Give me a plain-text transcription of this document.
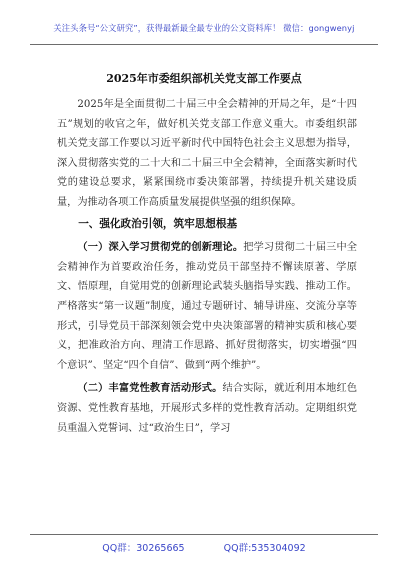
关注头条号“公文研究”，获得最新最全最专业的公文资料库！ 微信：gongwenyj
2025年市委组织部机关党支部工作要点

2025年是全面贯彻二十届三中全会精神的开局之年，是“十四五”规划的收官之年，做好机关党支部工作意义重大。市委组织部机关党支部工作要以习近平新时代中国特色社会主义思想为指导，深入贯彻落实党的二十大和二十届三中全会精神，全面落实新时代党的建设总要求，紧紧围绕市委决策部署，持续提升机关建设质量，为推动各项工作高质量发展提供坚强的组织保障。

一、强化政治引领，筑牢思想根基

（一）深入学习贯彻党的创新理论。把学习贯彻二十届三中全会精神作为首要政治任务，推动党员干部坚持不懈读原著、学原文、悟原理，自觉用党的创新理论武装头脑指导实践、推动工作。严格落实“第一议题”制度，通过专题研讨、辅导讲座、交流分享等形式，引导党员干部深刻领会党中央决策部署的精神实质和核心要义，把准政治方向、理清工作思路、抓好贯彻落实，切实增强“四个意识”、坚定“四个自信”、做到“两个维护”。

（二）丰富党性教育活动形式。结合实际，就近利用本地红色资源、党性教育基地，开展形式多样的党性教育活动。定期组织党员重温入党誓词、过“政治生日”，学习

QQ群：30265665	QQ群:535304092
